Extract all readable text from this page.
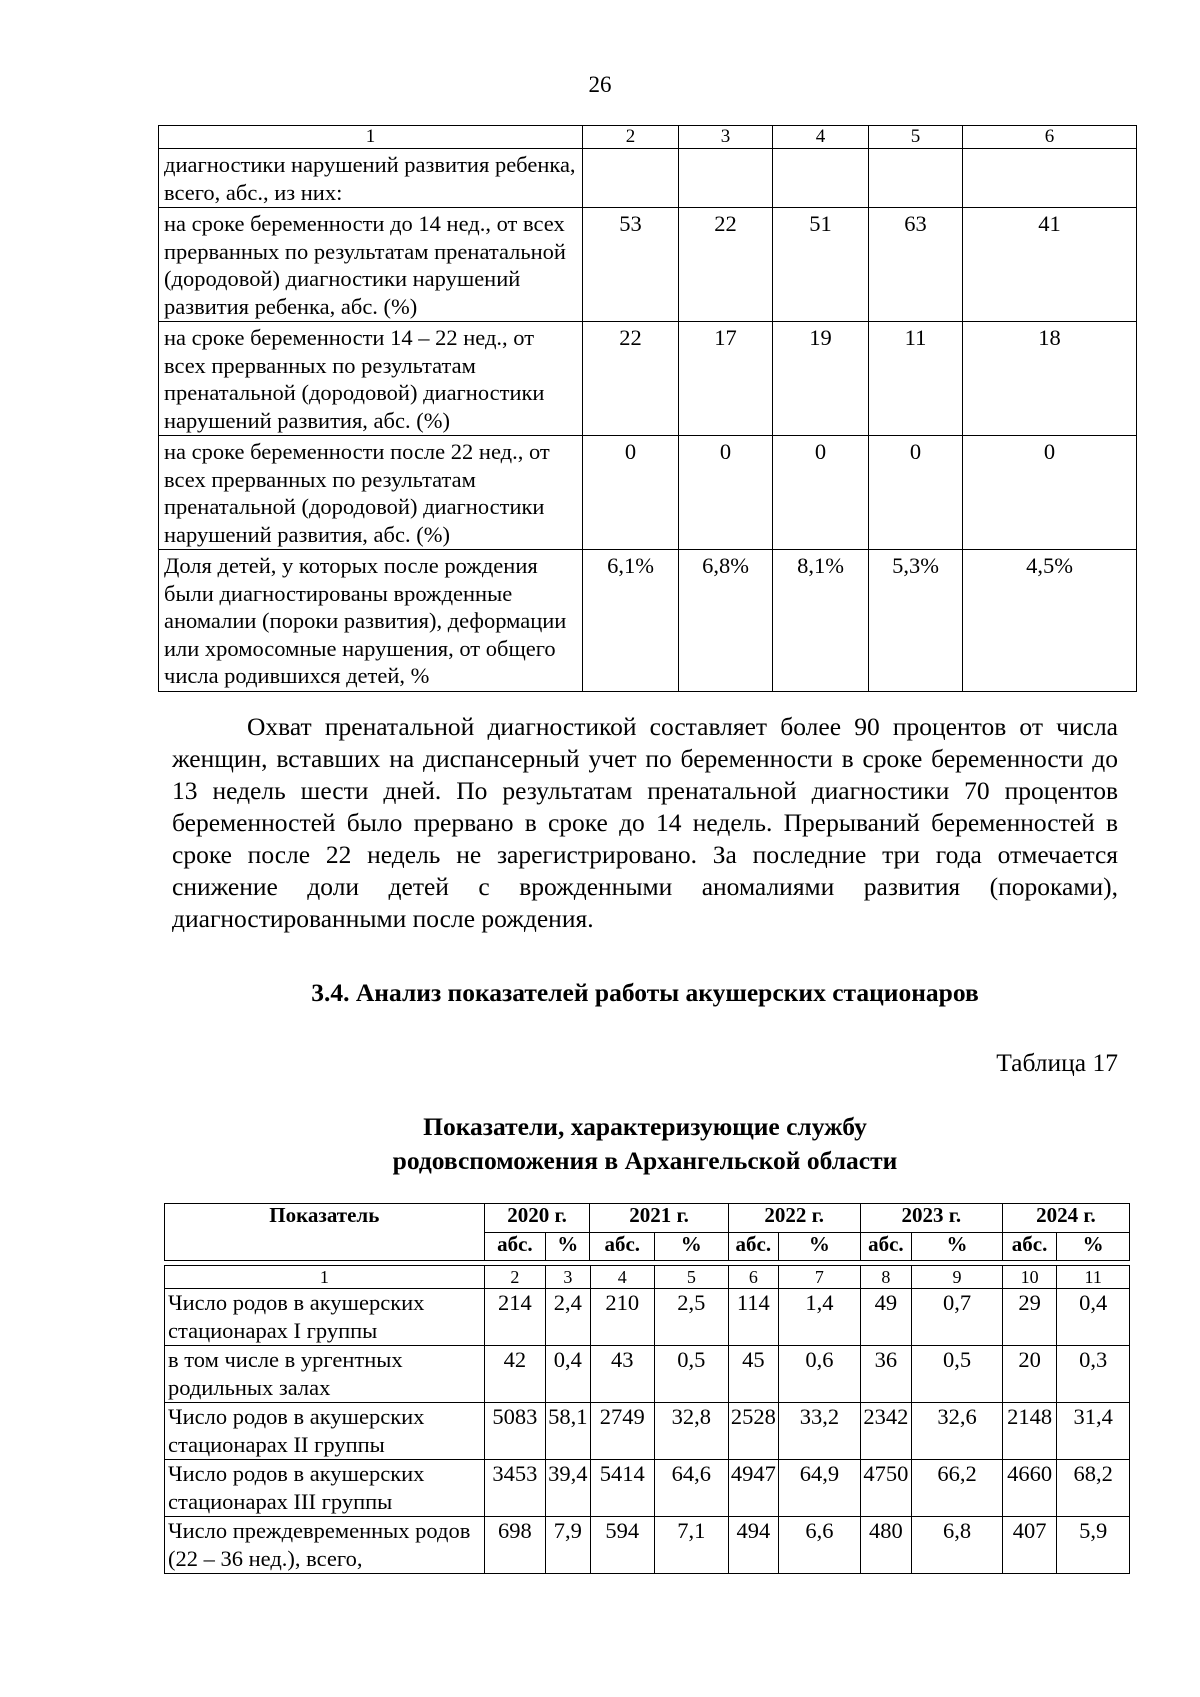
26
1	2	3	4	5	6
диагностики нарушений развития ребенка, всего, абс., из них:					
на сроке беременности до 14 нед., от всех прерванных по результатам пренатальной (дородовой) диагностики нарушений развития ребенка, абс. (%)	53	22	51	63	41
на сроке беременности 14 – 22 нед., от всех прерванных по результатам пренатальной (дородовой) диагностики нарушений развития, абс. (%)	22	17	19	11	18
на сроке беременности после 22 нед., от всех прерванных по результатам пренатальной (дородовой) диагностики нарушений развития, абс. (%)	0	0	0	0	0
Доля детей, у которых после рождения были диагностированы врожденные аномалии (пороки развития), деформации или хромосомные нарушения, от общего числа родившихся детей, %	6,1%	6,8%	8,1%	5,3%	4,5%

Охват пренатальной диагностикой составляет более 90 процентов от числа женщин, вставших на диспансерный учет по беременности в сроке беременности до 13 недель шести дней. По результатам пренатальной диагностики 70 процентов беременностей было прервано в сроке до 14 недель. Прерываний беременностей в сроке после 22 недель не зарегистрировано. За последние три года отмечается снижение доли детей с врожденными аномалиями развития (пороками), диагностированными после рождения.

3.4. Анализ показателей работы акушерских стационаров
Таблица 17
Показатели, характеризующие службу
родовспоможения в Архангельской области
Показатель	2020 г.		2021 г.		2022 г.		2023 г.		2024 г.	
	абс.	%	абс.	%	абс.	%	абс.	%	абс.	%
1	2	3	4	5	6	7	8	9	10	11
Число родов в акушерских стационарах I группы	214	2,4	210	2,5	114	1,4	49	0,7	29	0,4
в том числе в ургентных родильных залах	42	0,4	43	0,5	45	0,6	36	0,5	20	0,3
Число родов в акушерских стационарах II группы	5083	58,1	2749	32,8	2528	33,2	2342	32,6	2148	31,4
Число родов в акушерских стационарах III группы	3453	39,4	5414	64,6	4947	64,9	4750	66,2	4660	68,2
Число преждевременных родов (22 – 36 нед.), всего,	698	7,9	594	7,1	494	6,6	480	6,8	407	5,9
